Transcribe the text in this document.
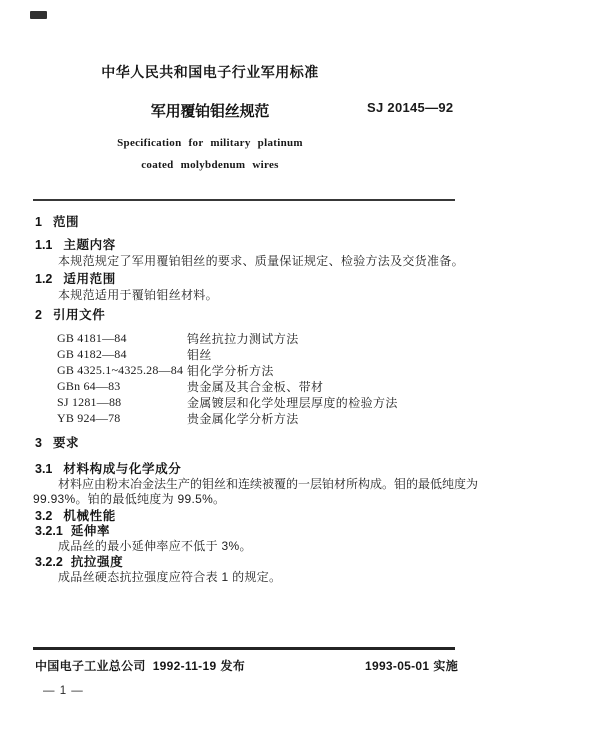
中华人民共和国电子行业军用标准
军用覆铂钼丝规范	SJ 20145—92
Specification for military platinum
coated molybdenum wires
1 范围
1.1 主题内容
本规范规定了军用覆铂钼丝的要求、质量保证规定、检验方法及交货准备。
1.2 适用范围
本规范适用于覆铂钼丝材料。
2 引用文件
GB 4181—84	钨丝抗拉力测试方法
GB 4182—84	钼丝
GB 4325.1~4325.28—84 钼化学分析方法
GBn 64—83	贵金属及其合金板、带材
SJ 1281—88	金属镀层和化学处理层厚度的检验方法
YB 924—78	贵金属化学分析方法
3 要求
3.1 材料构成与化学成分
材料应由粉末冶金法生产的钼丝和连续被覆的一层铂材所构成。钼的最低纯度为
99.93%。铂的最低纯度为 99.5%。
3.2 机械性能
3.2.1 延伸率
成品丝的最小延伸率应不低于 3%。
3.2.2 抗拉强度
成品丝硬态抗拉强度应符合表 1 的规定。
中国电子工业总公司 1992-11-19 发布	1993-05-01 实施
— 1 —
